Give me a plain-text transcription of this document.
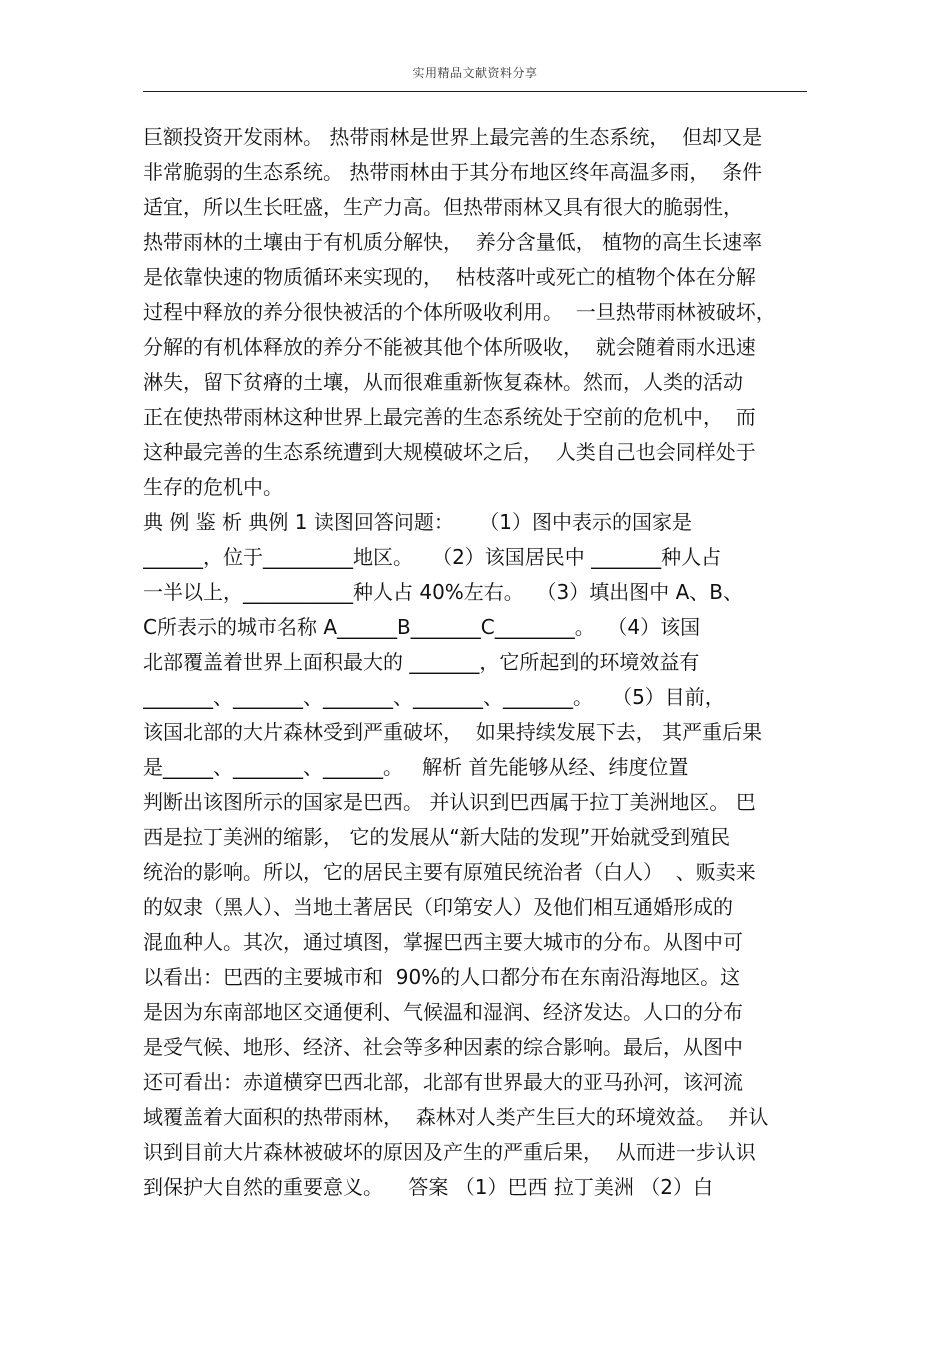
实用精品文献资料分享
巨额投资开发雨林。 热带雨林是世界上最完善的生态系统，  但却又是
非常脆弱的生态系统。 热带雨林由于其分布地区终年高温多雨，  条件
适宜，所以生长旺盛，生产力高。但热带雨林又具有很大的脆弱性，
热带雨林的土壤由于有机质分解快，  养分含量低， 植物的高生长速率
是依靠快速的物质循环来实现的，  枯枝落叶或死亡的植物个体在分解
过程中释放的养分很快被活的个体所吸收利用。  一旦热带雨林被破坏，
分解的有机体释放的养分不能被其他个体所吸收，  就会随着雨水迅速
淋失，留下贫瘠的土壤，从而很难重新恢复森林。然而，人类的活动
正在使热带雨林这种世界上最完善的生态系统处于空前的危机中，  而
这种最完善的生态系统遭到大规模破坏之后，  人类自己也会同样处于
生存的危机中。
典 例 鉴 析 典例 1 读图回答问题：    （1）图中表示的国家是
______，位于_________地区。   （2）该国居民中 _______种人占
一半以上，___________种人占 40%左右。  （3）填出图中 A、B、
C所表示的城市名称 A______B_______C________。  （4）该国
北部覆盖着世界上面积最大的 _______，它所起到的环境效益有
_______、_______、_______、_______、_______。   （5）目前，
该国北部的大片森林受到严重破坏，  如果持续发展下去， 其严重后果
是_____、_______、______。   解析 首先能够从经、纬度位置
判断出该图所示的国家是巴西。 并认识到巴西属于拉丁美洲地区。 巴
西是拉丁美洲的缩影， 它的发展从“新大陆的发现”开始就受到殖民
统治的影响。所以，它的居民主要有原殖民统治者（白人）  、贩卖来
的奴隶（黑人）、当地土著居民（印第安人）及他们相互通婚形成的
混血种人。其次，通过填图，掌握巴西主要大城市的分布。从图中可
以看出：巴西的主要城市和  90%的人口都分布在东南沿海地区。这
是因为东南部地区交通便利、气候温和湿润、经济发达。人口的分布
是受气候、地形、经济、社会等多种因素的综合影响。最后，从图中
还可看出：赤道横穿巴西北部，北部有世界最大的亚马孙河，该河流
域覆盖着大面积的热带雨林，  森林对人类产生巨大的环境效益。  并认
识到目前大片森林被破坏的原因及产生的严重后果，  从而进一步认识
到保护大自然的重要意义。    答案 （1）巴西 拉丁美洲 （2）白
